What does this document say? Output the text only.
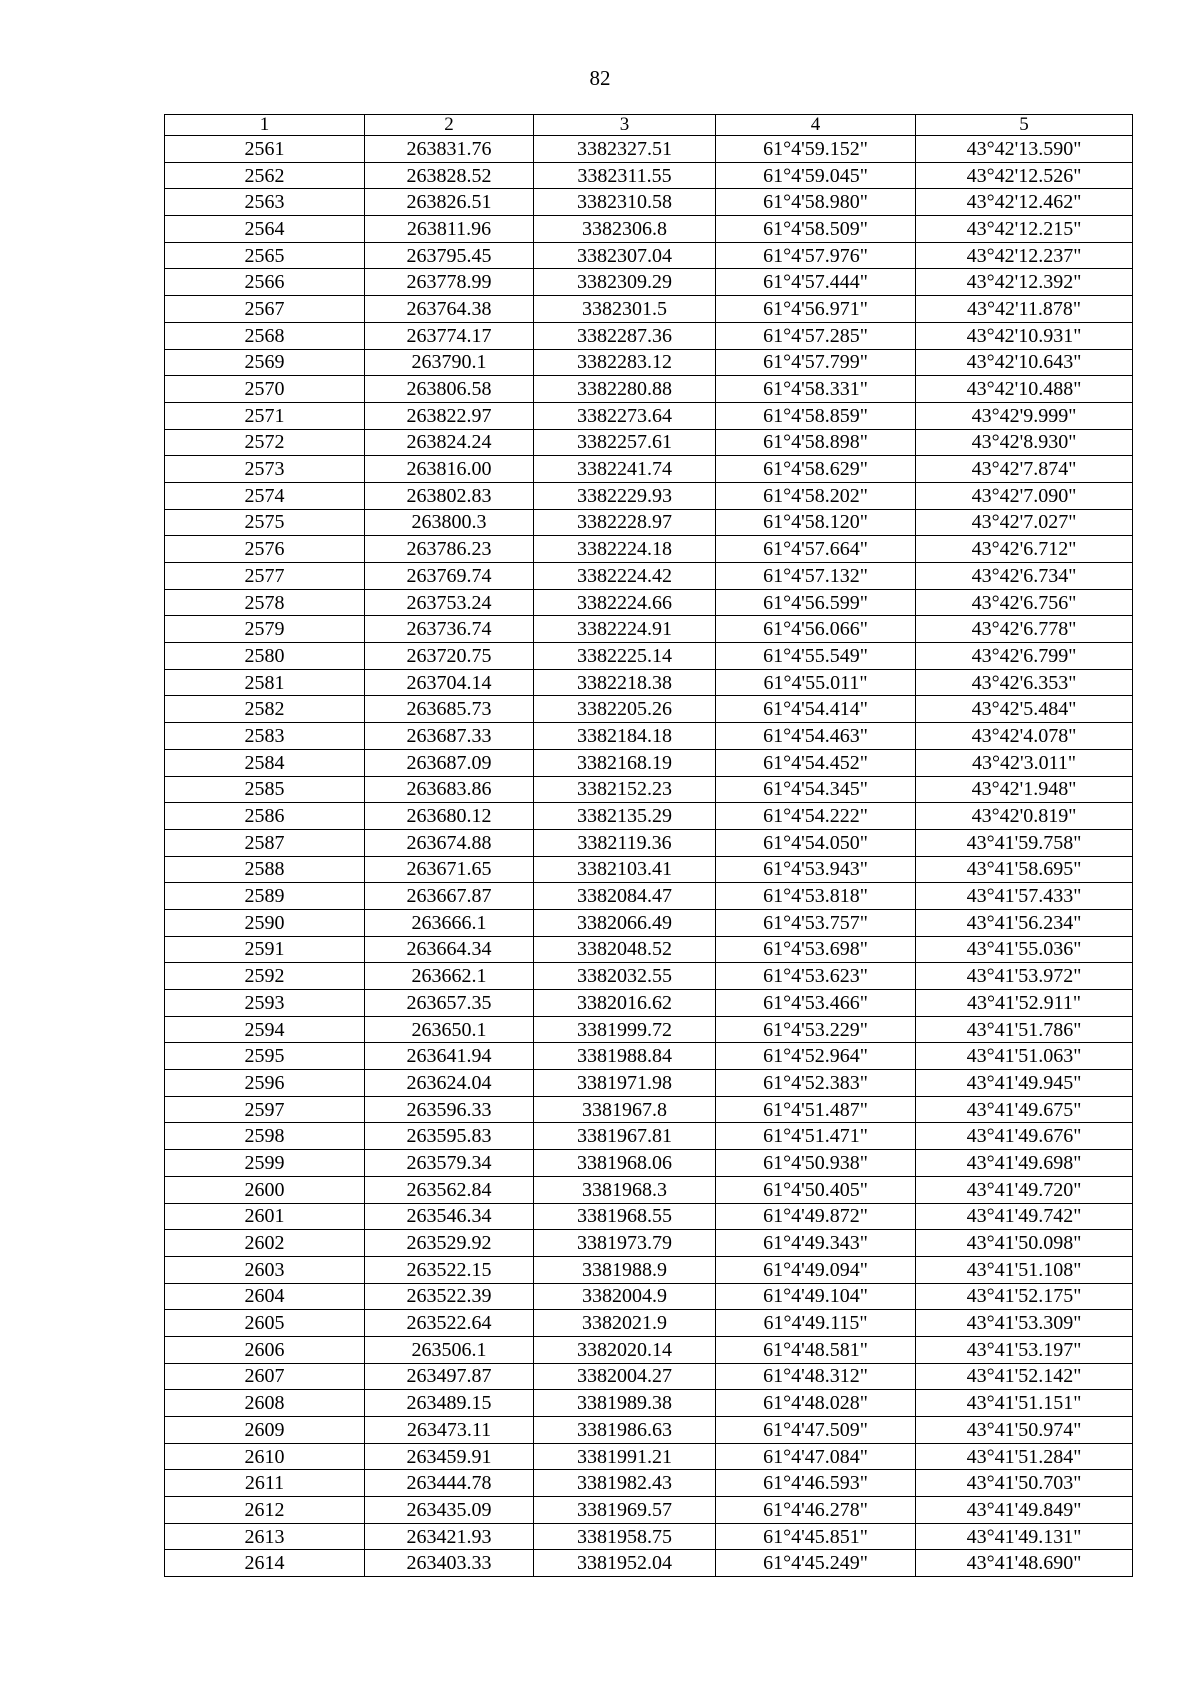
82
1	2	3	4	5
2561	263831.76	3382327.51	61°4'59.152"	43°42'13.590"
2562	263828.52	3382311.55	61°4'59.045"	43°42'12.526"
2563	263826.51	3382310.58	61°4'58.980"	43°42'12.462"
2564	263811.96	3382306.8	61°4'58.509"	43°42'12.215"
2565	263795.45	3382307.04	61°4'57.976"	43°42'12.237"
2566	263778.99	3382309.29	61°4'57.444"	43°42'12.392"
2567	263764.38	3382301.5	61°4'56.971"	43°42'11.878"
2568	263774.17	3382287.36	61°4'57.285"	43°42'10.931"
2569	263790.1	3382283.12	61°4'57.799"	43°42'10.643"
2570	263806.58	3382280.88	61°4'58.331"	43°42'10.488"
2571	263822.97	3382273.64	61°4'58.859"	43°42'9.999"
2572	263824.24	3382257.61	61°4'58.898"	43°42'8.930"
2573	263816.00	3382241.74	61°4'58.629"	43°42'7.874"
2574	263802.83	3382229.93	61°4'58.202"	43°42'7.090"
2575	263800.3	3382228.97	61°4'58.120"	43°42'7.027"
2576	263786.23	3382224.18	61°4'57.664"	43°42'6.712"
2577	263769.74	3382224.42	61°4'57.132"	43°42'6.734"
2578	263753.24	3382224.66	61°4'56.599"	43°42'6.756"
2579	263736.74	3382224.91	61°4'56.066"	43°42'6.778"
2580	263720.75	3382225.14	61°4'55.549"	43°42'6.799"
2581	263704.14	3382218.38	61°4'55.011"	43°42'6.353"
2582	263685.73	3382205.26	61°4'54.414"	43°42'5.484"
2583	263687.33	3382184.18	61°4'54.463"	43°42'4.078"
2584	263687.09	3382168.19	61°4'54.452"	43°42'3.011"
2585	263683.86	3382152.23	61°4'54.345"	43°42'1.948"
2586	263680.12	3382135.29	61°4'54.222"	43°42'0.819"
2587	263674.88	3382119.36	61°4'54.050"	43°41'59.758"
2588	263671.65	3382103.41	61°4'53.943"	43°41'58.695"
2589	263667.87	3382084.47	61°4'53.818"	43°41'57.433"
2590	263666.1	3382066.49	61°4'53.757"	43°41'56.234"
2591	263664.34	3382048.52	61°4'53.698"	43°41'55.036"
2592	263662.1	3382032.55	61°4'53.623"	43°41'53.972"
2593	263657.35	3382016.62	61°4'53.466"	43°41'52.911"
2594	263650.1	3381999.72	61°4'53.229"	43°41'51.786"
2595	263641.94	3381988.84	61°4'52.964"	43°41'51.063"
2596	263624.04	3381971.98	61°4'52.383"	43°41'49.945"
2597	263596.33	3381967.8	61°4'51.487"	43°41'49.675"
2598	263595.83	3381967.81	61°4'51.471"	43°41'49.676"
2599	263579.34	3381968.06	61°4'50.938"	43°41'49.698"
2600	263562.84	3381968.3	61°4'50.405"	43°41'49.720"
2601	263546.34	3381968.55	61°4'49.872"	43°41'49.742"
2602	263529.92	3381973.79	61°4'49.343"	43°41'50.098"
2603	263522.15	3381988.9	61°4'49.094"	43°41'51.108"
2604	263522.39	3382004.9	61°4'49.104"	43°41'52.175"
2605	263522.64	3382021.9	61°4'49.115"	43°41'53.309"
2606	263506.1	3382020.14	61°4'48.581"	43°41'53.197"
2607	263497.87	3382004.27	61°4'48.312"	43°41'52.142"
2608	263489.15	3381989.38	61°4'48.028"	43°41'51.151"
2609	263473.11	3381986.63	61°4'47.509"	43°41'50.974"
2610	263459.91	3381991.21	61°4'47.084"	43°41'51.284"
2611	263444.78	3381982.43	61°4'46.593"	43°41'50.703"
2612	263435.09	3381969.57	61°4'46.278"	43°41'49.849"
2613	263421.93	3381958.75	61°4'45.851"	43°41'49.131"
2614	263403.33	3381952.04	61°4'45.249"	43°41'48.690"
